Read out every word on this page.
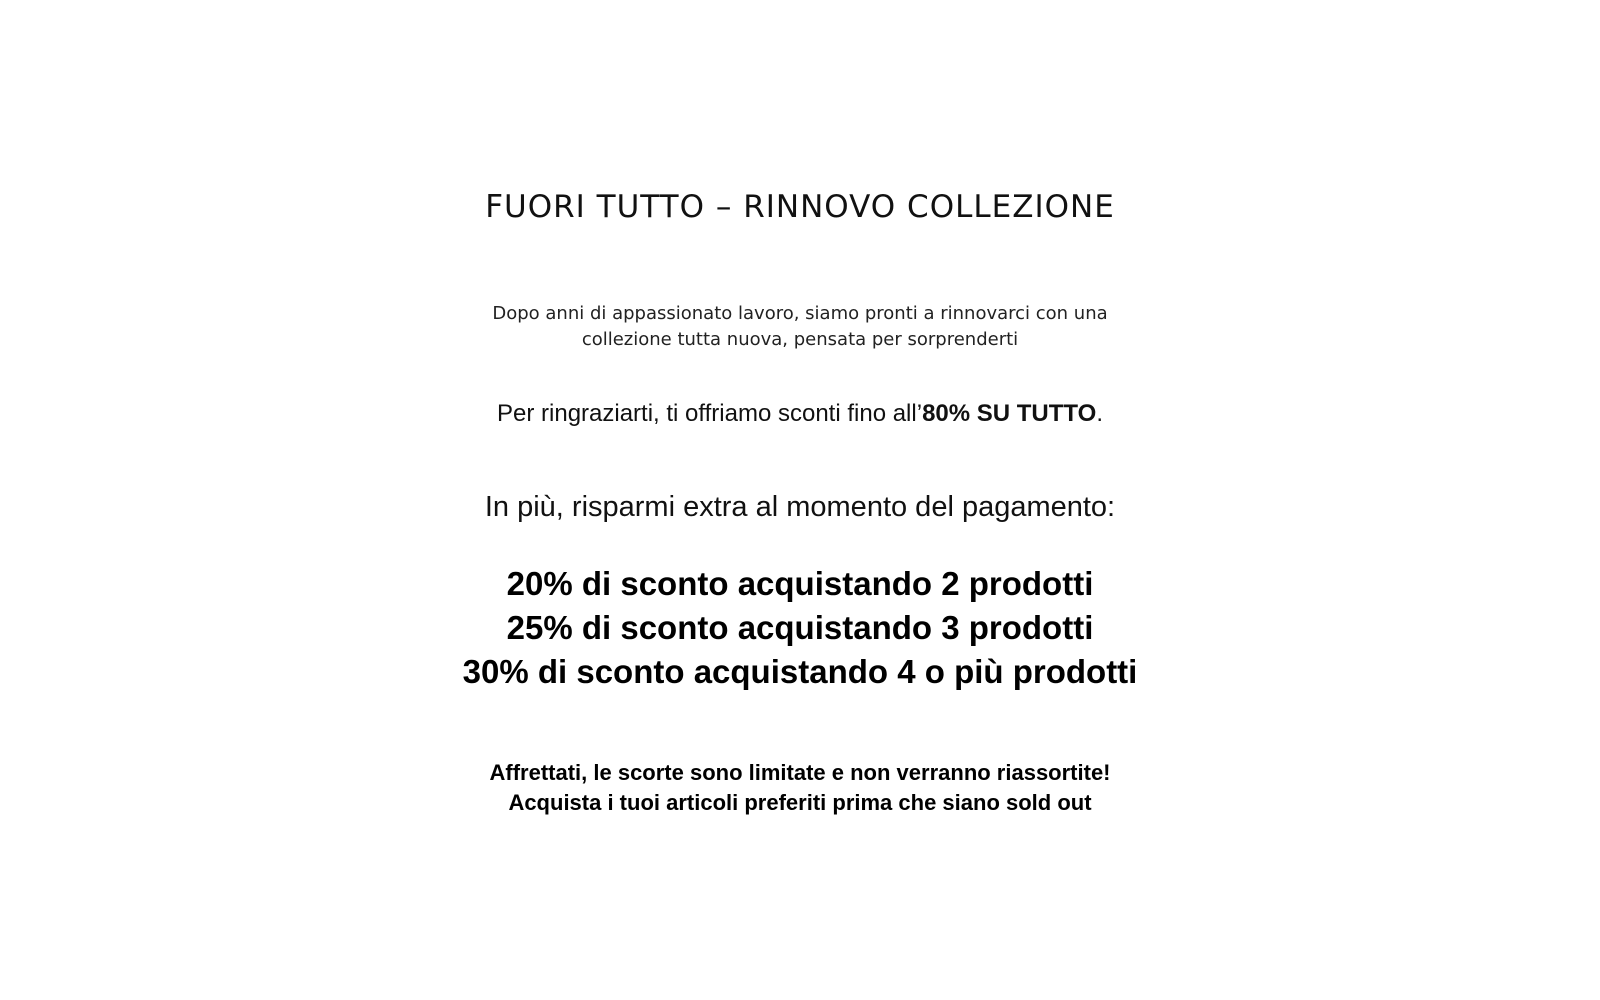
FUORI TUTTO – RINNOVO COLLEZIONE
Dopo anni di appassionato lavoro, siamo pronti a rinnovarci con una
collezione tutta nuova, pensata per sorprenderti
Per ringraziarti, ti offriamo sconti fino all’80% SU TUTTO.
In più, risparmi extra al momento del pagamento:
20% di sconto acquistando 2 prodotti
25% di sconto acquistando 3 prodotti
30% di sconto acquistando 4 o più prodotti
Affrettati, le scorte sono limitate e non verranno riassortite!
Acquista i tuoi articoli preferiti prima che siano sold out
